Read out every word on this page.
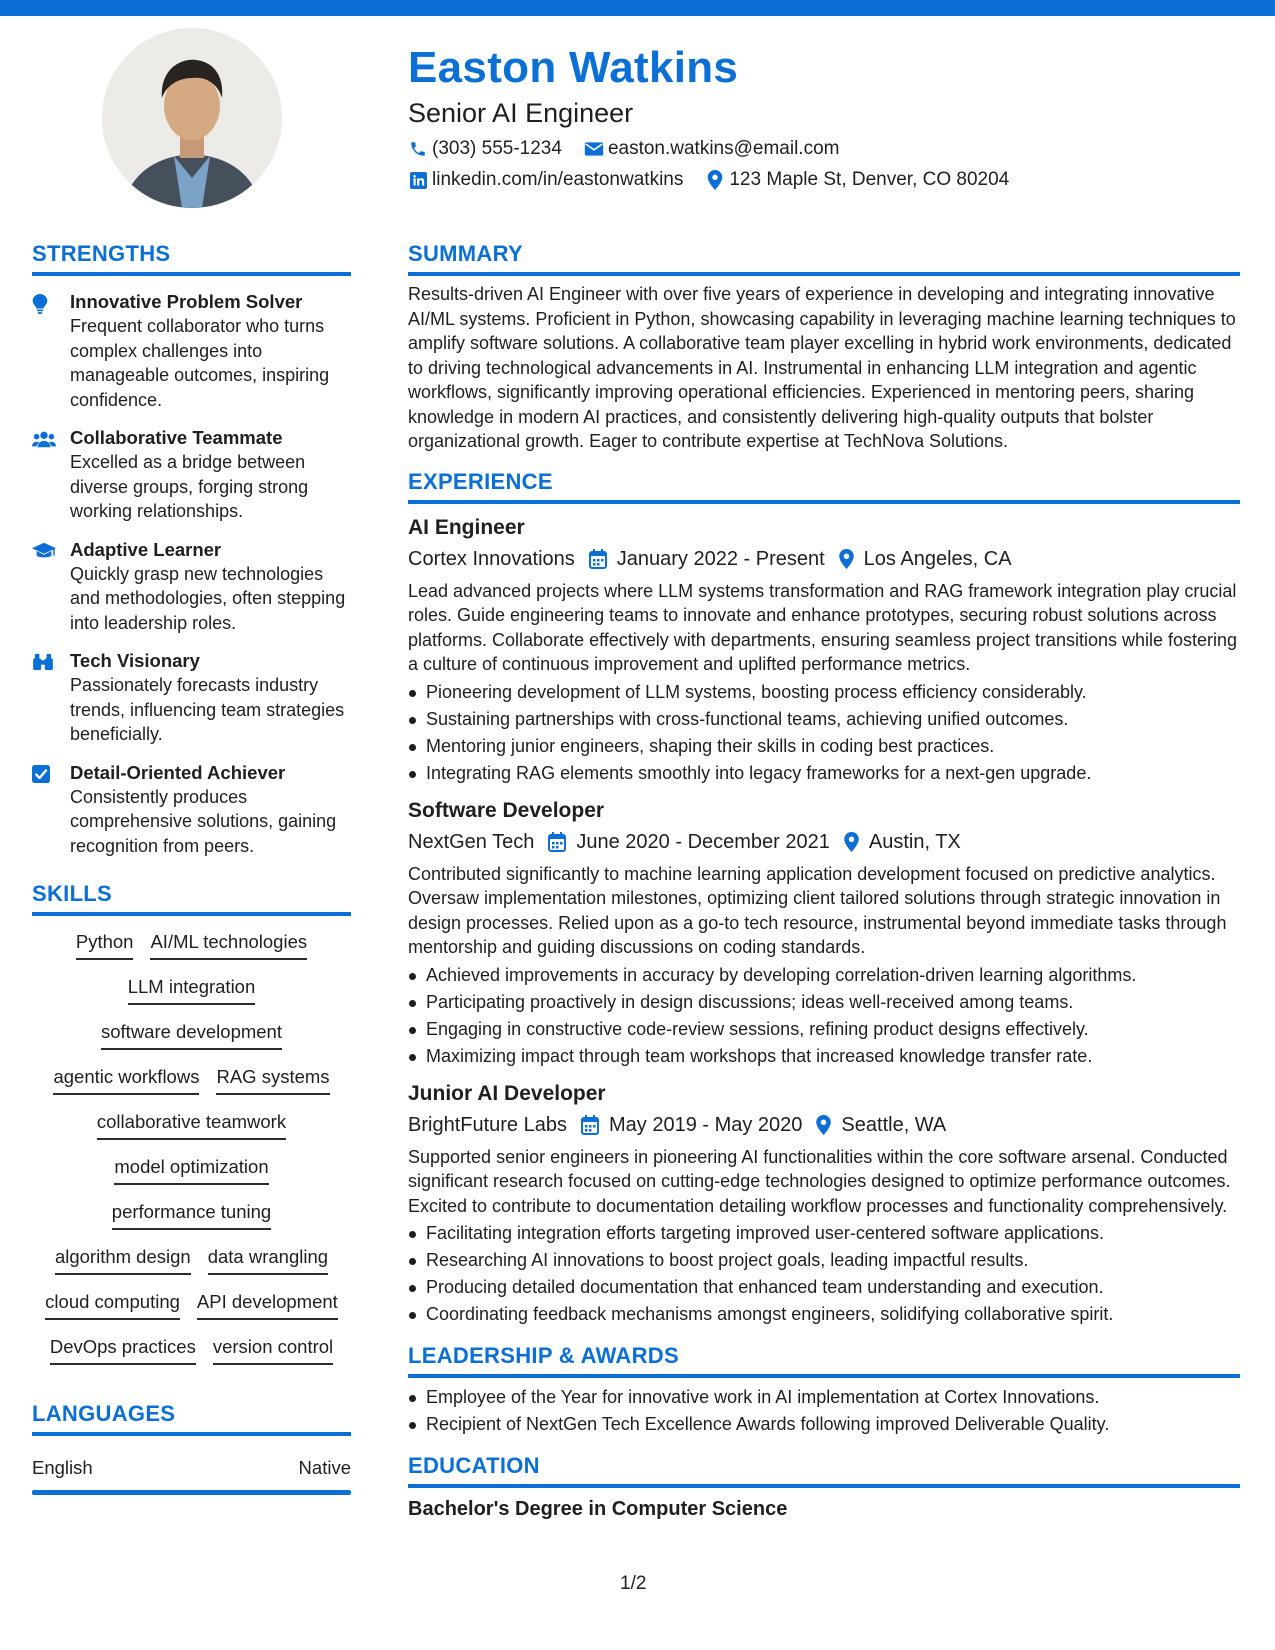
Easton Watkins
Senior AI Engineer
(303) 555-1234 easton.watkins@email.com
linkedin.com/in/eastonwatkins 123 Maple St, Denver, CO 80204
STRENGTHS
Innovative Problem Solver
Frequent collaborator who turns complex challenges into manageable outcomes, inspiring confidence.
Collaborative Teammate
Excelled as a bridge between diverse groups, forging strong working relationships.
Adaptive Learner
Quickly grasp new technologies and methodologies, often stepping into leadership roles.
Tech Visionary
Passionately forecasts industry trends, influencing team strategies beneficially.
Detail-Oriented Achiever
Consistently produces comprehensive solutions, gaining recognition from peers.
SKILLS
Python AI/ML technologies
LLM integration
software development
agentic workflows RAG systems
collaborative teamwork
model optimization
performance tuning
algorithm design data wrangling
cloud computing API development
DevOps practices version control
LANGUAGES
English	Native
SUMMARY
Results-driven AI Engineer with over five years of experience in developing and integrating innovative AI/ML systems. Proficient in Python, showcasing capability in leveraging machine learning techniques to amplify software solutions. A collaborative team player excelling in hybrid work environments, dedicated to driving technological advancements in AI. Instrumental in enhancing LLM integration and agentic workflows, significantly improving operational efficiencies. Experienced in mentoring peers, sharing knowledge in modern AI practices, and consistently delivering high-quality outputs that bolster organizational growth. Eager to contribute expertise at TechNova Solutions.
EXPERIENCE
AI Engineer
Cortex Innovations January 2022 - Present Los Angeles, CA
Lead advanced projects where LLM systems transformation and RAG framework integration play crucial roles. Guide engineering teams to innovate and enhance prototypes, securing robust solutions across platforms. Collaborate effectively with departments, ensuring seamless project transitions while fostering a culture of continuous improvement and uplifted performance metrics.
Pioneering development of LLM systems, boosting process efficiency considerably.
Sustaining partnerships with cross-functional teams, achieving unified outcomes.
Mentoring junior engineers, shaping their skills in coding best practices.
Integrating RAG elements smoothly into legacy frameworks for a next-gen upgrade.
Software Developer
NextGen Tech June 2020 - December 2021 Austin, TX
Contributed significantly to machine learning application development focused on predictive analytics. Oversaw implementation milestones, optimizing client tailored solutions through strategic innovation in design processes. Relied upon as a go-to tech resource, instrumental beyond immediate tasks through mentorship and guiding discussions on coding standards.
Achieved improvements in accuracy by developing correlation-driven learning algorithms.
Participating proactively in design discussions; ideas well-received among teams.
Engaging in constructive code-review sessions, refining product designs effectively.
Maximizing impact through team workshops that increased knowledge transfer rate.
Junior AI Developer
BrightFuture Labs May 2019 - May 2020 Seattle, WA
Supported senior engineers in pioneering AI functionalities within the core software arsenal. Conducted significant research focused on cutting-edge technologies designed to optimize performance outcomes. Excited to contribute to documentation detailing workflow processes and functionality comprehensively.
Facilitating integration efforts targeting improved user-centered software applications.
Researching AI innovations to boost project goals, leading impactful results.
Producing detailed documentation that enhanced team understanding and execution.
Coordinating feedback mechanisms amongst engineers, solidifying collaborative spirit.
LEADERSHIP & AWARDS
Employee of the Year for innovative work in AI implementation at Cortex Innovations.
Recipient of NextGen Tech Excellence Awards following improved Deliverable Quality.
EDUCATION
Bachelor's Degree in Computer Science
1/2
